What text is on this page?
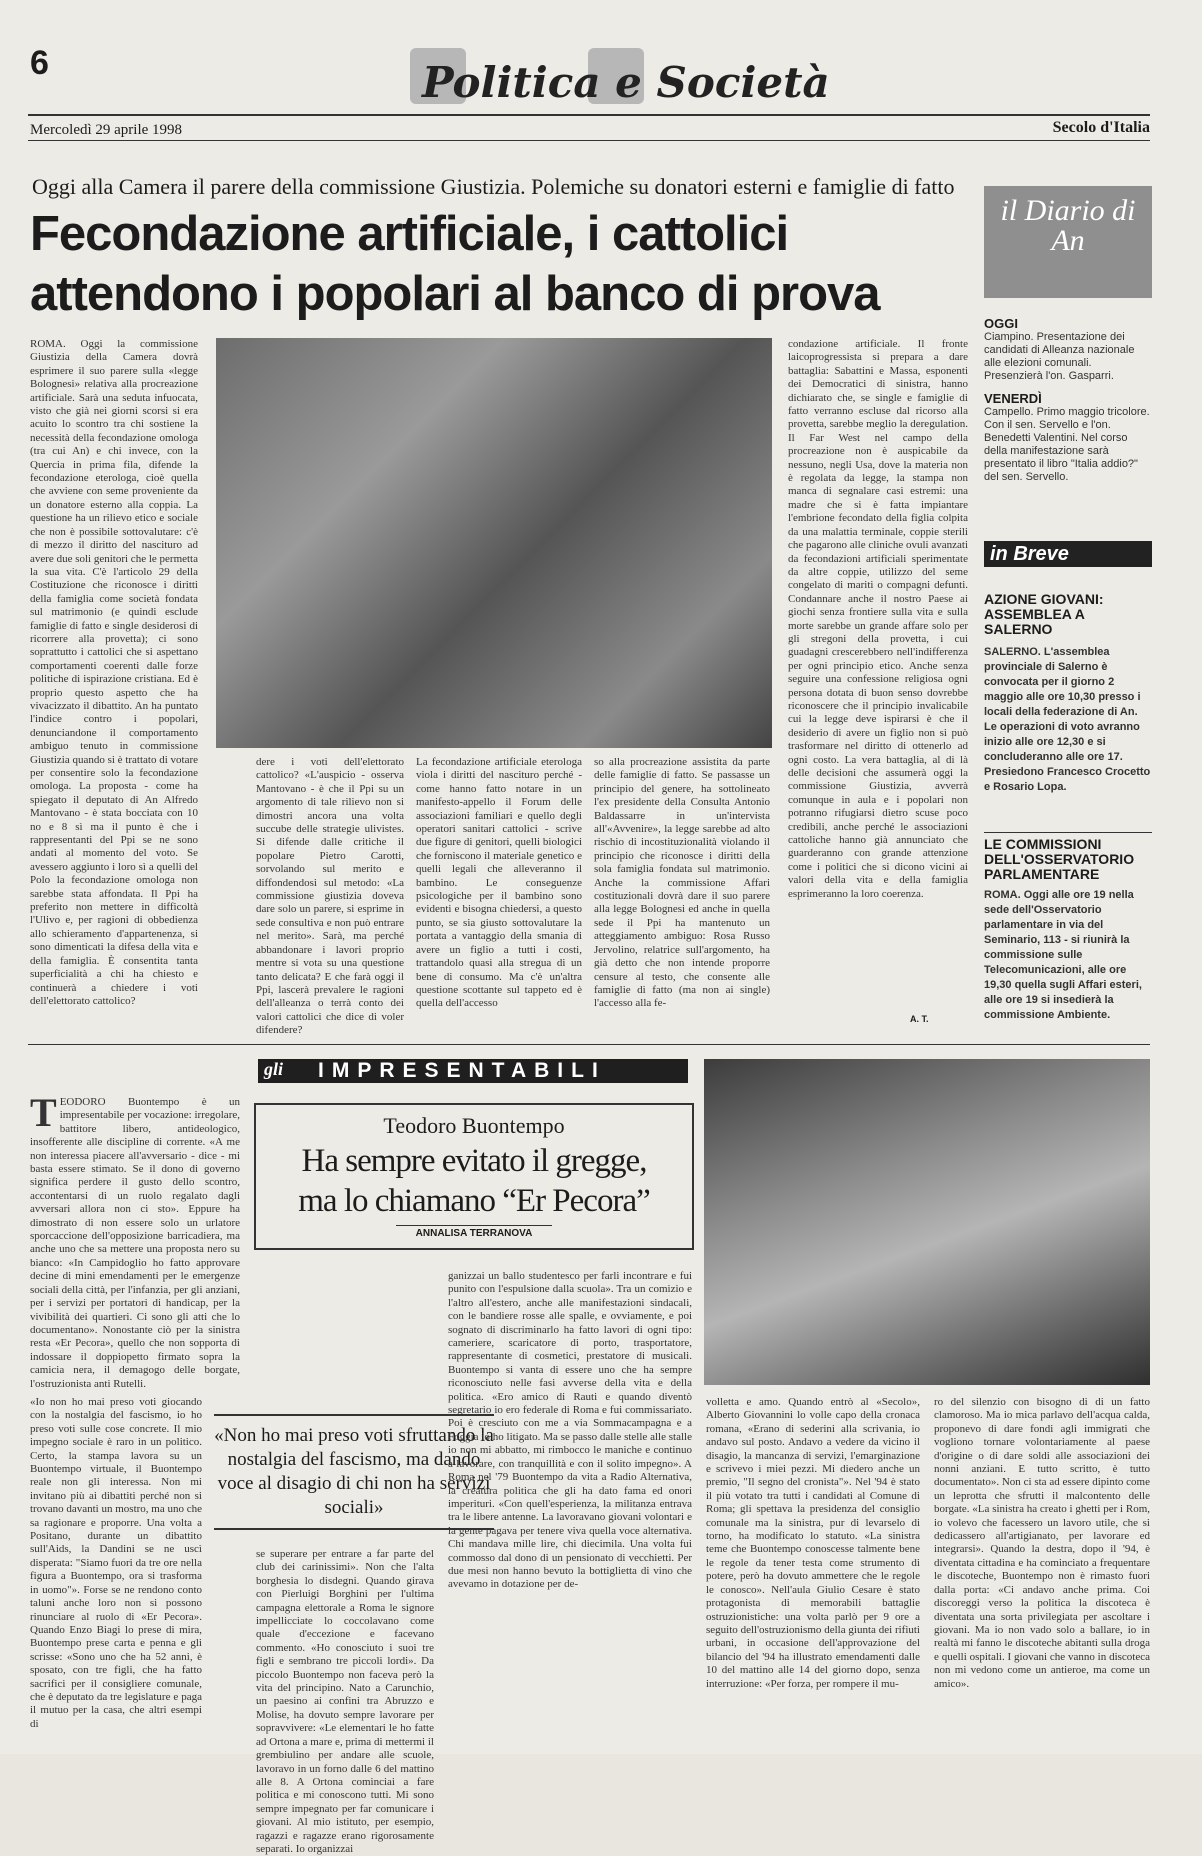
6	Politica e Società
Mercoledì 29 aprile 1998	Secolo d'Italia
Oggi alla Camera il parere della commissione Giustizia. Polemiche su donatori esterni e famiglie di fatto
Fecondazione artificiale, i cattolici
attendono i popolari al banco di prova
ROMA. Oggi la commissione Giustizia della Camera dovrà esprimere il suo parere sulla «legge Bolognesi» relativa alla procreazione artificiale. Sarà una seduta infuocata, visto che già nei giorni scorsi si era acuito lo scontro tra chi sostiene la necessità della fecondazione omologa (tra cui An) e chi invece, con la Quercia in prima fila, difende la fecondazione eterologa, cioè quella che avviene con seme proveniente da un donatore esterno alla coppia. La questione ha un rilievo etico e sociale che non è possibile sottovalutare: c'è di mezzo il diritto del nascituro ad avere due soli genitori che le permetta la sua vita. C'è l'articolo 29 della Costituzione che riconosce i diritti della famiglia come società fondata sul matrimonio (e quindi esclude famiglie di fatto e single desiderosi di ricorrere alla provetta); ci sono soprattutto i cattolici che si aspettano comportamenti coerenti dalle forze politiche di ispirazione cristiana. Ed è proprio questo aspetto che ha vivacizzato il dibattito. An ha puntato l'indice contro i popolari, denunciandone il comportamento ambiguo tenuto in commissione Giustizia quando si è trattato di votare per consentire solo la fecondazione omologa. La proposta - come ha spiegato il deputato di An Alfredo Mantovano - è stata bocciata con 10 no e 8 sì ma il punto è che i rappresentanti del Ppi se ne sono andati al momento del voto. Se avessero aggiunto i loro sì a quelli del Polo la fecondazione omologa non sarebbe stata affondata. Il Ppi ha preferito non mettere in difficoltà l'Ulivo e, per ragioni di obbedienza allo schieramento d'appartenenza, si sono dimenticati la difesa della vita e della famiglia. È consentita tanta superficialità a chi ha chiesto e continuerà a chiedere i voti dell'elettorato cattolico?
dere i voti dell'elettorato cattolico? «L'auspicio - osserva Mantovano - è che il Ppi su un argomento di tale rilievo non si dimostri ancora una volta succube delle strategie ulivistes. Si difende dalle critiche il popolare Pietro Carotti, sorvolando sul merito e diffondendosi sul metodo: «La commissione giustizia doveva dare solo un parere, si esprime in sede consultiva e non può entrare nel merito». Sarà, ma perché abbandonare i lavori proprio mentre si vota su una questione tanto delicata? E che farà oggi il Ppi, lascerà prevalere le ragioni dell'alleanza o terrà conto dei valori cattolici che dice di voler difendere?
La fecondazione artificiale eterologa viola i diritti del nascituro perché - come hanno fatto notare in un manifesto-appello il Forum delle associazioni familiari e quello degli operatori sanitari cattolici - scrive due figure di genitori, quelli biologici che forniscono il materiale genetico e quelli legali che alleveranno il bambino. Le conseguenze psicologiche per il bambino sono evidenti e bisogna chiedersi, a questo punto, se sia giusto sottovalutare la portata a vantaggio della smania di avere un figlio a tutti i costi, trattandolo quasi alla stregua di un bene di consumo. Ma c'è un'altra questione scottante sul tappeto ed è quella dell'accesso
so alla procreazione assistita da parte delle famiglie di fatto. Se passasse un principio del genere, ha sottolineato l'ex presidente della Consulta Antonio Baldassarre in un'intervista all'«Avvenire», la legge sarebbe ad alto rischio di incostituzionalità violando il principio che riconosce i diritti della sola famiglia fondata sul matrimonio. Anche la commissione Affari costituzionali dovrà dare il suo parere alla legge Bolognesi ed anche in quella sede il Ppi ha mantenuto un atteggiamento ambiguo: Rosa Russo Jervolino, relatrice sull'argomento, ha già detto che non intende proporre censure al testo, che consente alle famiglie di fatto (ma non ai single) l'accesso alla fe-
condazione artificiale. Il fronte laicoprogressista si prepara a dare battaglia: Sabattini e Massa, esponenti dei Democratici di sinistra, hanno dichiarato che, se single e famiglie di fatto verranno escluse dal ricorso alla provetta, sarebbe meglio la deregulation. Il Far West nel campo della procreazione non è auspicabile da nessuno, negli Usa, dove la materia non è regolata da legge, la stampa non manca di segnalare casi estremi: una madre che si è fatta impiantare l'embrione fecondato della figlia colpita da una malattia terminale, coppie sterili che pagarono alle cliniche ovuli avanzati da fecondazioni artificiali sperimentate da altre coppie, utilizzo del seme congelato di mariti o compagni defunti. Condannare anche il nostro Paese ai giochi senza frontiere sulla vita e sulla morte sarebbe un grande affare solo per gli stregoni della provetta, i cui guadagni crescerebbero nell'indifferenza per ogni principio etico. Anche senza seguire una confessione religiosa ogni persona dotata di buon senso dovrebbe riconoscere che il principio invalicabile cui la legge deve ispirarsi è che il desiderio di avere un figlio non si può trasformare nel diritto di ottenerlo ad ogni costo. La vera battaglia, al di là delle decisioni che assumerà oggi la commissione Giustizia, avverrà comunque in aula e i popolari non potranno rifugiarsi dietro scuse poco credibili, anche perché le associazioni cattoliche hanno già annunciato che guarderanno con grande attenzione come i politici che si dicono vicini ai valori della vita e della famiglia esprimeranno la loro coerenza.
A. T.
il Diario di An
OGGI
Ciampino. Presentazione dei candidati di Alleanza nazionale alle elezioni comunali. Presenzierà l'on. Gasparri.
VENERDÌ
Campello. Primo maggio tricolore. Con il sen. Servello e l'on. Benedetti Valentini. Nel corso della manifestazione sarà presentato il libro "Italia addio?" del sen. Servello.
in Breve
AZIONE GIOVANI: ASSEMBLEA A SALERNO
SALERNO. L'assemblea provinciale di Salerno è convocata per il giorno 2 maggio alle ore 10,30 presso i locali della federazione di An. Le operazioni di voto avranno inizio alle ore 12,30 e si concluderanno alle ore 17. Presiedono Francesco Crocetto e Rosario Lopa.
LE COMMISSIONI DELL'OSSERVATORIO PARLAMENTARE
ROMA. Oggi alle ore 19 nella sede dell'Osservatorio parlamentare in via del Seminario, 113 - si riunirà la commissione sulle Telecomunicazioni, alle ore 19,30 quella sugli Affari esteri, alle ore 19 si insedierà la commissione Ambiente.
gli IMPRESENTABILI
Teodoro Buontempo
Ha sempre evitato il gregge,
ma lo chiamano “Er Pecora”
ANNALISA TERRANOVA
TEODORO Buontempo è un impresentabile per vocazione: irregolare, battitore libero, antideologico, insofferente alle discipline di corrente. «A me non interessa piacere all'avversario - dice - mi basta essere stimato. Se il dono di governo significa perdere il gusto dello scontro, accontentarsi di un ruolo regalato dagli avversari allora non ci sto». Eppure ha dimostrato di non essere solo un urlatore sporcaccione dell'opposizione barricadiera, ma anche uno che sa mettere una proposta nero su bianco: «In Campidoglio ho fatto approvare decine di mini emendamenti per le emergenze sociali della città, per l'infanzia, per gli anziani, per i servizi per portatori di handicap, per la vivibilità dei quartieri. Ci sono gli atti che lo documentano». Nonostante ciò per la sinistra resta «Er Pecora», quello che non sopporta di indossare il doppiopetto firmato sopra la camicia nera, il demagogo delle borgate, l'ostruzionista anti Rutelli.
«Io non ho mai preso voti giocando con la nostalgia del fascismo, io ho preso voti sulle cose concrete. Il mio impegno sociale è raro in un politico. Certo, la stampa lavora su un Buontempo virtuale, il Buontempo reale non gli interessa. Non mi invitano più ai dibattiti perché non si trovano davanti un mostro, ma uno che sa ragionare e proporre. Una volta a Positano, durante un dibattito sull'Aids, la Dandini se ne uscì disperata: "Siamo fuori da tre ore nella figura a Buontempo, ora si trasforma in uomo"». Forse se ne rendono conto taluni anche loro non si possono rinunciare al ruolo di «Er Pecora». Quando Enzo Biagi lo prese di mira, Buontempo prese carta e penna e gli scrisse: «Sono uno che ha 52 anni, è sposato, con tre figli, che ha fatto sacrifici per il consigliere comunale, che è deputato da tre legislature e paga il mutuo per la casa, che altri esempi di
«Non ho mai preso voti sfruttando la nostalgia del fascismo, ma dando voce al disagio di chi non ha servizi sociali»
se superare per entrare a far parte del club dei carinissimi». Non che l'alta borghesia lo disdegni. Quando girava con Pierluigi Borghini per l'ultima campagna elettorale a Roma le signore impellicciate lo coccolavano come quale d'eccezione e facevano commento. «Ho conosciuto i suoi tre figli e sembrano tre piccoli lordi». Da piccolo Buontempo non faceva però la vita del principino. Nato a Carunchio, un paesino ai confini tra Abruzzo e Molise, ha dovuto sempre lavorare per sopravvivere: «Le elementari le ho fatte ad Ortona a mare e, prima di mettermi il grembiulino per andare alle scuole, lavoravo in un forno dalle 6 del mattino alle 8. A Ortona cominciai a fare politica e mi conoscono tutti. Mi sono sempre impegnato per far comunicare i giovani. Al mio istituto, per esempio, ragazzi e ragazze erano rigorosamente separati. Io organizzai
ganizzai un ballo studentesco per farli incontrare e fui punito con l'espulsione dalla scuola». Tra un comizio e l'altro all'estero, anche alle manifestazioni sindacali, con le bandiere rosse alle spalle, e ovviamente, e poi sognato di discriminarlo ha fatto lavori di ogni tipo: cameriere, scaricatore di porto, trasportatore, rappresentante di cosmetici, prestatore di musicali. Buontempo si vanta di essere uno che ha sempre riconosciuto nelle fasi avverse della vita e della politica. «Ero amico di Rauti e quando diventò segretario io ero federale di Roma e fui commissariato. Poi è cresciuto con me a via Sommacampagna e a Foggia io ho litigato. Ma se passo dalle stelle alle stalle io non mi abbatto, mi rimbocco le maniche e continuo a lavorare, con tranquillità e con il solito impegno». A Roma nel '79 Buontempo da vita a Radio Alternativa, la creatura politica che gli ha dato fama ed onori imperituri. «Con quell'esperienza, la militanza entrava tra le libere antenne. La lavoravano giovani volontari e la gente pagava per tenere viva quella voce alternativa. Chi mandava mille lire, chi diecimila. Una volta fui commosso dal dono di un pensionato di vecchietti. Per due mesi non hanno bevuto la bottiglietta di vino che avevamo in dotazione per de-
volletta e amo. Quando entrò al «Secolo», Alberto Giovannini lo volle capo della cronaca romana, «Erano di sederini alla scrivania, io andavo sul posto. Andavo a vedere da vicino il disagio, la mancanza di servizi, l'emarginazione e scrivevo i miei pezzi. Mi diedero anche un premio, "Il segno del cronista"». Nel '94 è stato il più votato tra tutti i candidati al Comune di Roma; gli spettava la presidenza del consiglio comunale ma la sinistra, pur di levarselo di torno, ha modificato lo statuto. «La sinistra teme che Buontempo conoscesse talmente bene le regole da tener testa come strumento di potere, però ha dovuto ammettere che le regole le conosco». Nell'aula Giulio Cesare è stato protagonista di memorabili battaglie ostruzionistiche: una volta parlò per 9 ore a seguito dell'ostruzionismo della giunta dei rifiuti urbani, in occasione dell'approvazione del bilancio del '94 ha illustrato emendamenti dalle 10 del mattino alle 14 del giorno dopo, senza interruzione: «Per forza, per rompere il mu-
ro del silenzio con bisogno di di un fatto clamoroso. Ma io mica parlavo dell'acqua calda, proponevo di dare fondi agli immigrati che vogliono tornare volontariamente al paese d'origine o di dare soldi alle associazioni dei nonni anziani. E tutto scritto, è tutto documentato». Non ci sta ad essere dipinto come un leprotta che sfrutti il malcontento delle borgate. «La sinistra ha creato i ghetti per i Rom, io volevo che facessero un lavoro utile, che si dedicassero all'artigianato, per lavorare ed integrarsi». Quando la destra, dopo il '94, è diventata cittadina e ha cominciato a frequentare le discoteche, Buontempo non è rimasto fuori dalla porta: «Ci andavo anche prima. Coi discoreggi verso la politica la discoteca è diventata una sorta privilegiata per ascoltare i giovani. Ma io non vado solo a ballare, io in realtà mi fanno le discoteche abitanti sulla droga e quelli ospitali. I giovani che vanno in discoteca non mi vedono come un antieroe, ma come un amico».
